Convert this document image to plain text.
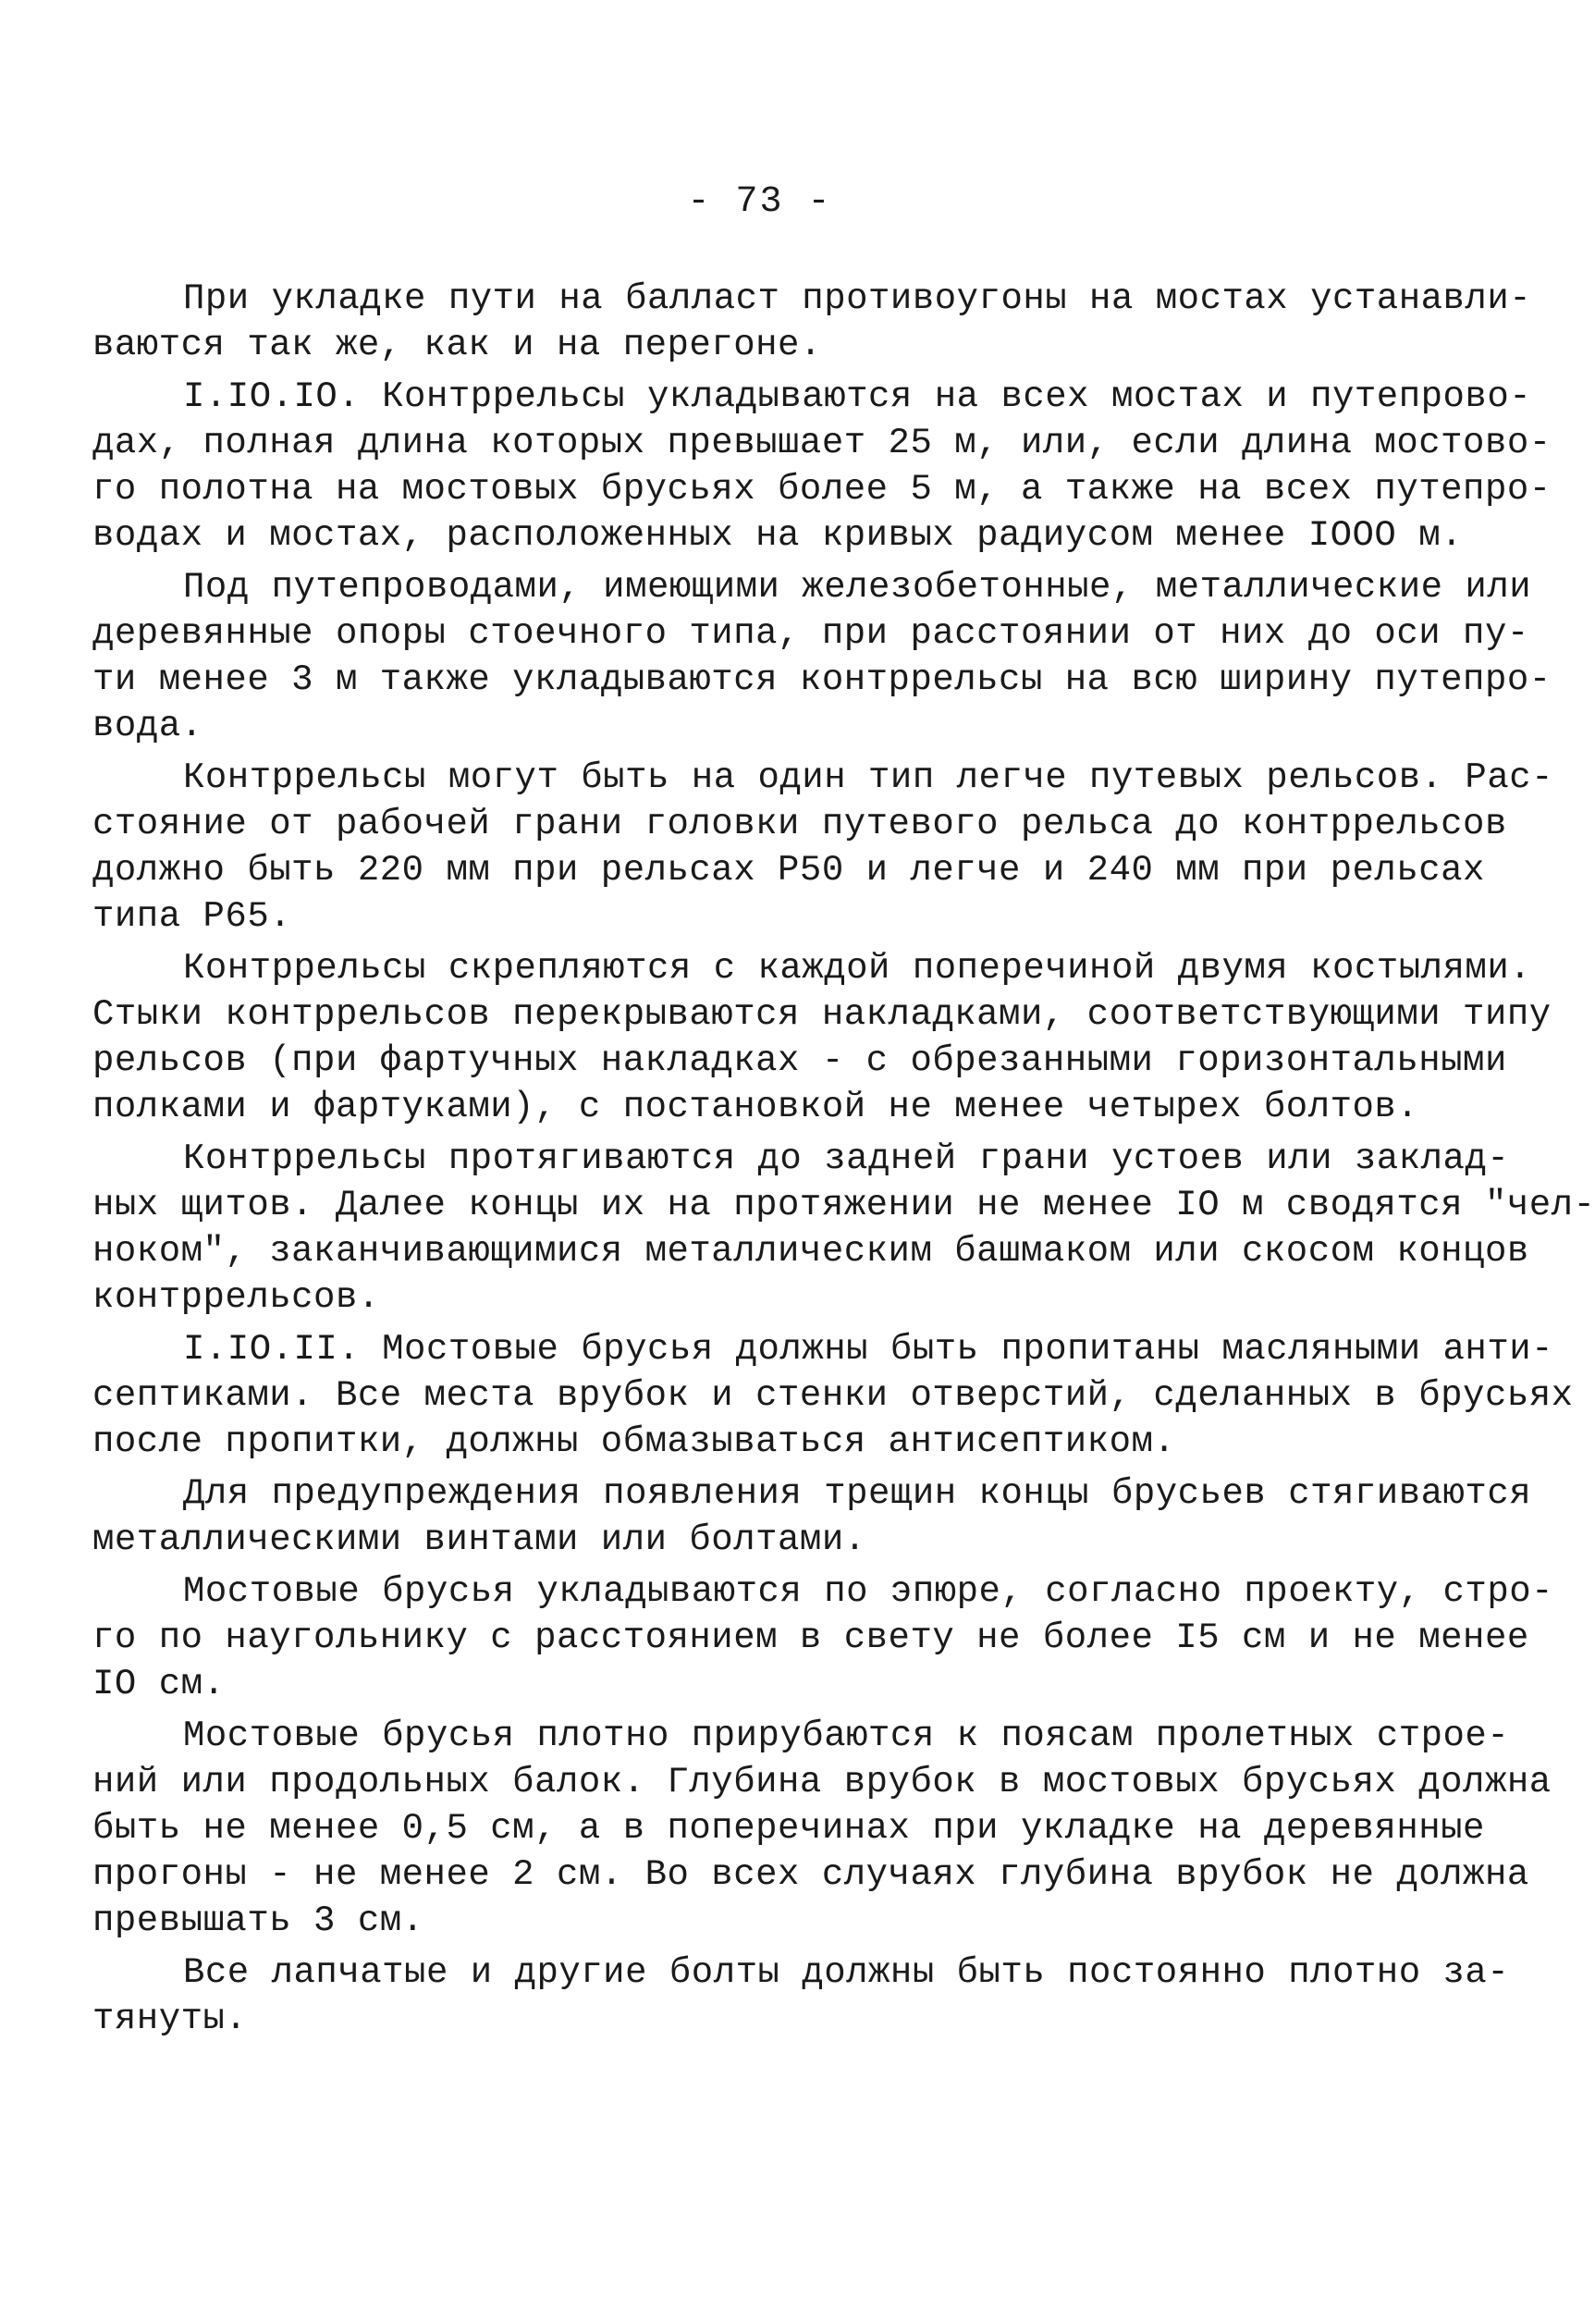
- 73 -
При укладке пути на балласт противоугоны на мостах устанавли-
ваются так же, как и на перегоне.
I.IO.IO. Контррельсы укладываются на всех мостах и путепрово-
дах, полная длина которых превышает 25 м, или, если длина мостово-
го полотна на мостовых брусьях более 5 м, а также на всех путепро-
водах и мостах, расположенных на кривых радиусом менее IOOO м.
Под путепроводами, имеющими железобетонные, металлические или
деревянные опоры стоечного типа, при расстоянии от них до оси пу-
ти менее 3 м также укладываются контррельсы на всю ширину путепро-
вода.
Контррельсы могут быть на один тип легче путевых рельсов. Рас-
стояние от рабочей грани головки путевого рельса до контррельсов
должно быть 220 мм при рельсах Р50 и легче и 240 мм при рельсах
типа Р65.
Контррельсы скрепляются с каждой поперечиной двумя костылями.
Стыки контррельсов перекрываются накладками, соответствующими типу
рельсов (при фартучных накладках - с обрезанными горизонтальными
полками и фартуками), с постановкой не менее четырех болтов.
Контррельсы протягиваются до задней грани устоев или заклад-
ных щитов. Далее концы их на протяжении не менее IO м сводятся "чел-
ноком", заканчивающимися металлическим башмаком или скосом концов
контррельсов.
I.IO.II. Мостовые брусья должны быть пропитаны масляными анти-
септиками. Все места врубок и стенки отверстий, сделанных в брусьях
после пропитки, должны обмазываться антисептиком.
Для предупреждения появления трещин концы брусьев стягиваются
металлическими винтами или болтами.
Мостовые брусья укладываются по эпюре, согласно проекту, стро-
го по наугольнику с расстоянием в свету не более I5 см и не менее
IO см.
Мостовые брусья плотно прирубаются к поясам пролетных строе-
ний или продольных балок. Глубина врубок в мостовых брусьях должна
быть не менее 0,5 см, а в поперечинах при укладке на деревянные
прогоны - не менее 2 см. Во всех случаях глубина врубок не должна
превышать 3 см.
Все лапчатые и другие болты должны быть постоянно плотно за-
тянуты.
